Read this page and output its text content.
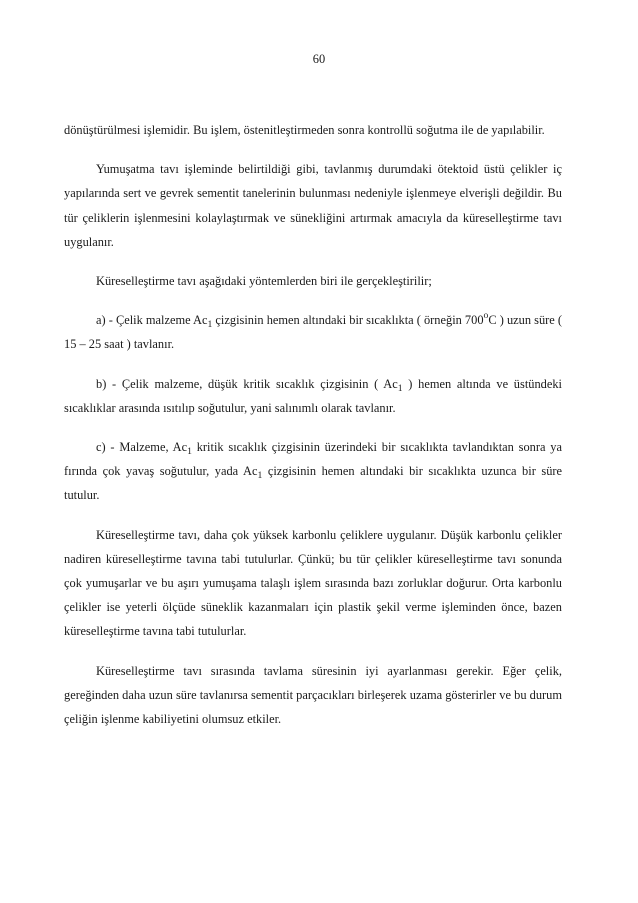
60

dönüştürülmesi işlemidir. Bu işlem, östenitleştirmeden sonra kontrollü soğutma ile de yapılabilir.

Yumuşatma tavı işleminde belirtildiği gibi, tavlanmış durumdaki ötektoid üstü çelikler iç yapılarında sert ve gevrek sementit tanelerinin bulunması nedeniyle işlenmeye elverişli değildir. Bu tür çeliklerin işlenmesini kolaylaştırmak ve sünekliğini artırmak amacıyla da küreselleştirme tavı uygulanır.

Küreselleştirme tavı aşağıdaki yöntemlerden biri ile gerçekleştirilir;

a) - Çelik malzeme $Ac_1$ çizgisinin hemen altındaki bir sıcaklıkta ( örneğin 700$^o$C ) uzun süre ( 15 – 25 saat ) tavlanır.

b) - Çelik malzeme, düşük kritik sıcaklık çizgisinin ( $Ac_1$ ) hemen altında ve üstündeki sıcaklıklar arasında ısıtılıp soğutulur, yani salınımlı olarak tavlanır.

c) - Malzeme, $Ac_1$ kritik sıcaklık çizgisinin üzerindeki bir sıcaklıkta tavlandıktan sonra ya fırında çok yavaş soğutulur, yada $Ac_1$ çizgisinin hemen altındaki bir sıcaklıkta uzunca bir süre tutulur.

Küreselleştirme tavı, daha çok yüksek karbonlu çeliklere uygulanır. Düşük karbonlu çelikler nadiren küreselleştirme tavına tabi tutulurlar. Çünkü; bu tür çelikler küreselleştirme tavı sonunda çok yumuşarlar ve bu aşırı yumuşama talaşlı işlem sırasında bazı zorluklar doğurur. Orta karbonlu çelikler ise yeterli ölçüde süneklik kazanmaları için plastik şekil verme işleminden önce, bazen küreselleştirme tavına tabi tutulurlar.

Küreselleştirme tavı sırasında tavlama süresinin iyi ayarlanması gerekir. Eğer çelik, gereğinden daha uzun süre tavlanırsa sementit parçacıkları birleşerek uzama gösterirler ve bu durum çeliğin işlenme kabiliyetini olumsuz etkiler.
